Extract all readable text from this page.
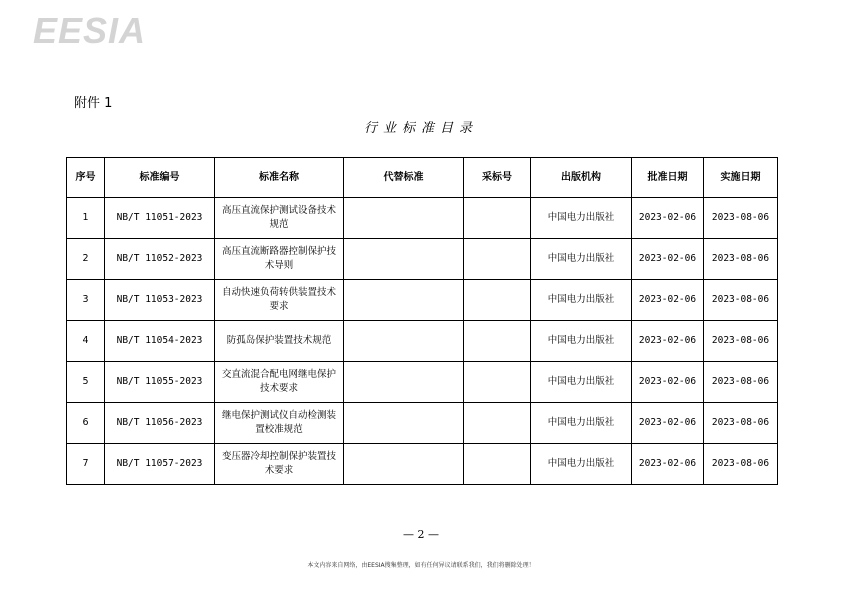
EESIA
附件 1
行业标准目录
序号	标准编号	标准名称	代替标准	采标号	出版机构	批准日期	实施日期
1	NB/T 11051-2023	高压直流保护测试设备技术规范			中国电力出版社	2023-02-06	2023-08-06
2	NB/T 11052-2023	高压直流断路器控制保护技术导则			中国电力出版社	2023-02-06	2023-08-06
3	NB/T 11053-2023	自动快速负荷转供装置技术要求			中国电力出版社	2023-02-06	2023-08-06
4	NB/T 11054-2023	防孤岛保护装置技术规范			中国电力出版社	2023-02-06	2023-08-06
5	NB/T 11055-2023	交直流混合配电网继电保护技术要求			中国电力出版社	2023-02-06	2023-08-06
6	NB/T 11056-2023	继电保护测试仪自动检测装置校准规范			中国电力出版社	2023-02-06	2023-08-06
7	NB/T 11057-2023	变压器冷却控制保护装置技术要求			中国电力出版社	2023-02-06	2023-08-06
— 2 —
本文内容来自网络，由EESIA搜集整理，如有任何异议请联系我们，我们将删除处理！
